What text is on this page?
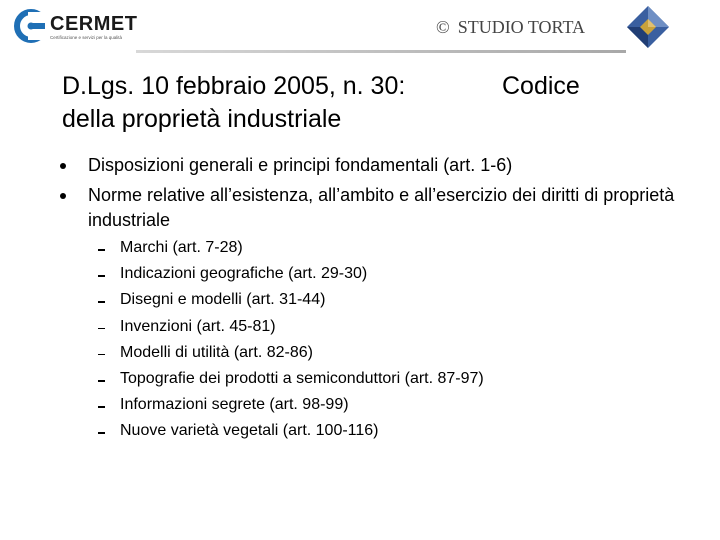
CERMET
Certificazione e servizi per la qualità
© STUDIO TORTA
D.Lgs. 10 febbraio 2005, n. 30:	Codice
della proprietà industriale
Disposizioni generali e principi fondamentali (art. 1-6)
Norme relative all’esistenza, all’ambito e all’esercizio dei diritti di proprietà industriale
Marchi (art. 7-28)
Indicazioni geografiche (art. 29-30)
Disegni e modelli (art. 31-44)
Invenzioni (art. 45-81)
Modelli di utilità (art. 82-86)
Topografie dei prodotti a semiconduttori (art. 87-97)
Informazioni segrete (art. 98-99)
Nuove varietà vegetali (art. 100-116)
